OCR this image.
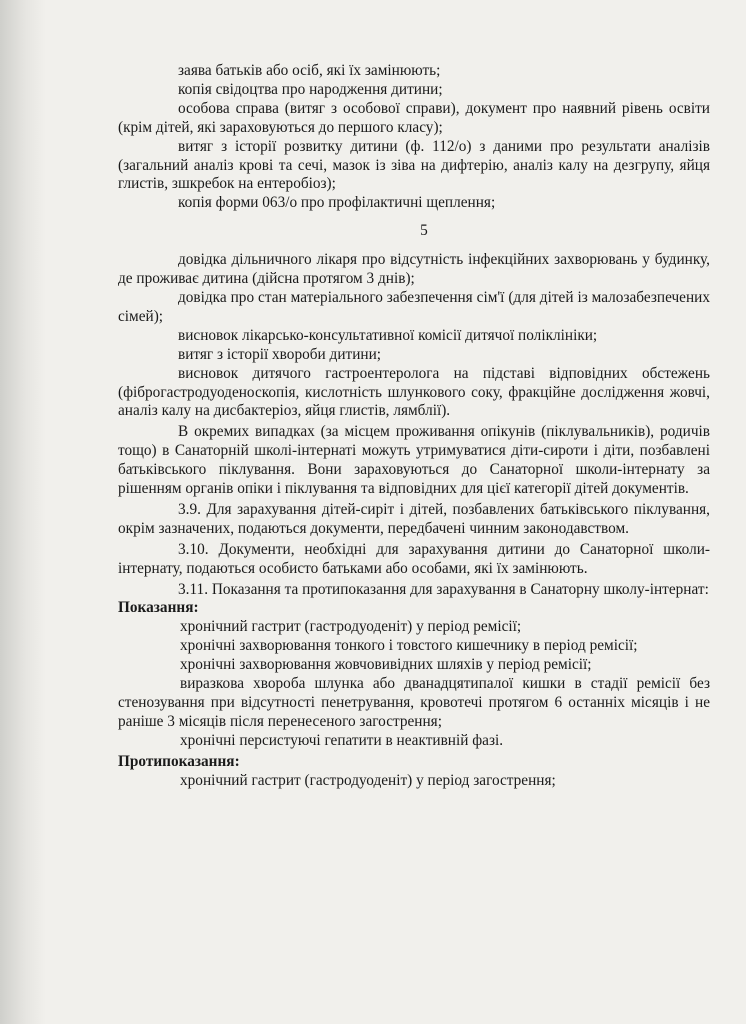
заява батьків або осіб, які їх замінюють;

копія свідоцтва про народження дитини;

особова справа (витяг з особової справи), документ про наявний рівень освіти (крім дітей, які зараховуються до першого класу);

витяг з історії розвитку дитини (ф. 112/о) з даними про результати аналізів (загальний аналіз крові та сечі, мазок із зіва на дифтерію, аналіз калу на дезгрупу, яйця глистів, зшкребок на ентеробіоз);

копія форми 063/о про профілактичні щеплення;

5

довідка дільничного лікаря про відсутність інфекційних захворювань у будинку, де проживає дитина (дійсна протягом 3 днів);

довідка про стан матеріального забезпечення сім'ї (для дітей із малозабезпечених сімей);

висновок лікарсько-консультативної комісії дитячої поліклініки;

витяг з історії хвороби дитини;

висновок дитячого гастроентеролога на підставі відповідних обстежень (фіброгастродуоденоскопія, кислотність шлункового соку, фракційне дослідження жовчі, аналіз калу на дисбактеріоз, яйця глистів, лямблії).

В окремих випадках (за місцем проживання опікунів (піклувальників), родичів тощо) в Санаторній школі-інтернаті можуть утримуватися діти-сироти і діти, позбавлені батьківського піклування. Вони зараховуються до Санаторної школи-інтернату за рішенням органів опіки і піклування та відповідних для цієї категорії дітей документів.

3.9. Для зарахування дітей-сиріт і дітей, позбавлених батьківського піклування, окрім зазначених, подаються документи, передбачені чинним законодавством.

3.10. Документи, необхідні для зарахування дитини до Санаторної школи-інтернату, подаються особисто батьками або особами, які їх замінюють.

3.11. Показання та протипоказання для зарахування в Санаторну школу-інтернат:

Показання:

хронічний гастрит (гастродуоденіт) у період ремісії;

хронічні захворювання тонкого і товстого кишечнику в період ремісії;

хронічні захворювання жовчовивідних шляхів у період ремісії;

виразкова хвороба шлунка або дванадцятипалої кишки в стадії ремісії без стенозування при відсутності пенетрування, кровотечі протягом 6 останніх місяців і не раніше 3 місяців після перенесеного загострення;

хронічні персистуючі гепатити в неактивній фазі.

Протипоказання:

хронічний гастрит (гастродуоденіт) у період загострення;
